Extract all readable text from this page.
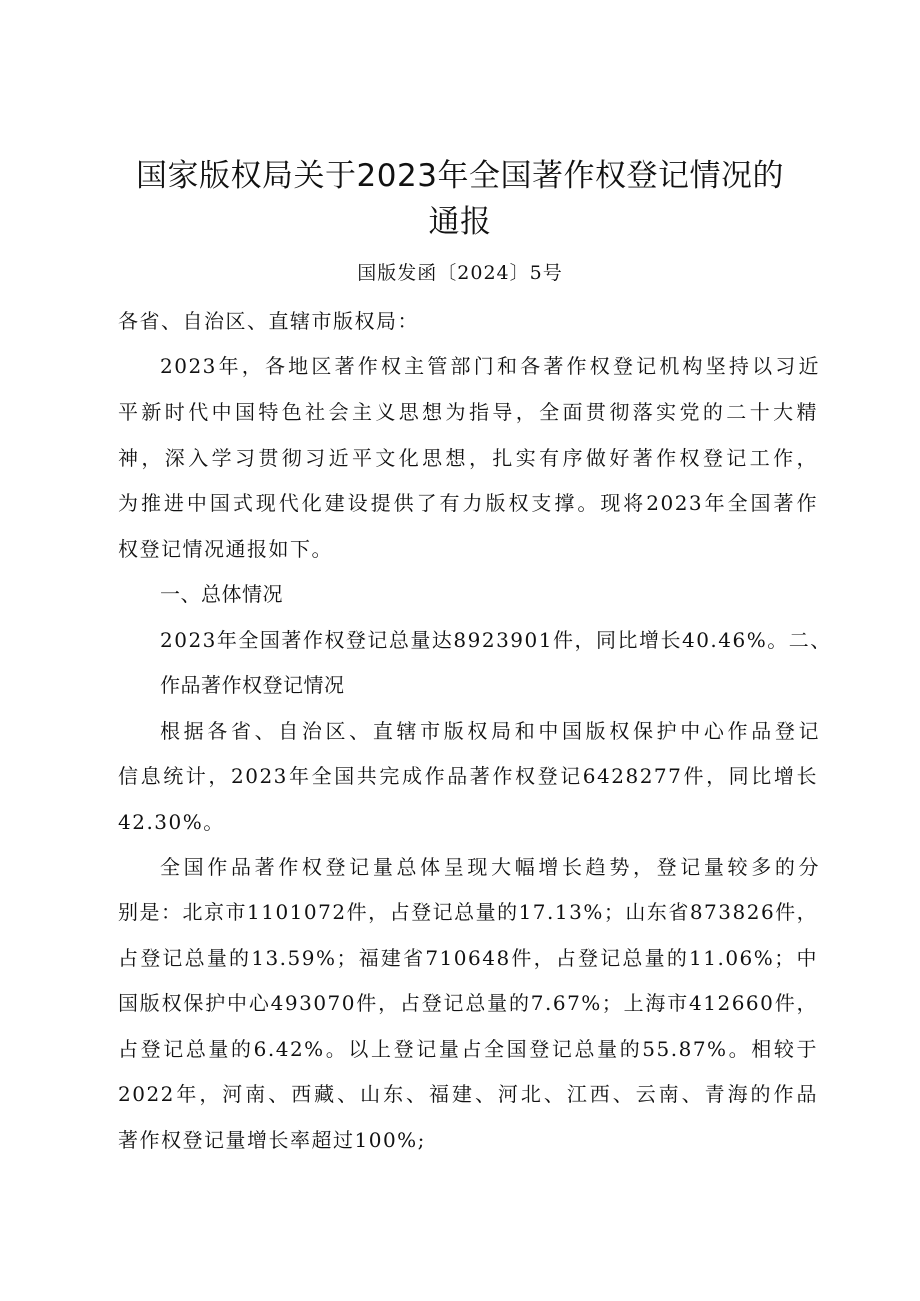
国家版权局关于2023年全国著作权登记情况的
通报
国版发函〔2024〕5号
各省、自治区、直辖市版权局：
2023年，各地区著作权主管部门和各著作权登记机构坚持以习近
平新时代中国特色社会主义思想为指导，全面贯彻落实党的二十大精
神，深入学习贯彻习近平文化思想，扎实有序做好著作权登记工作，
为推进中国式现代化建设提供了有力版权支撑。现将2023年全国著作
权登记情况通报如下。
一、总体情况
2023年全国著作权登记总量达8923901件，同比增长40.46%。二、
作品著作权登记情况
根据各省、自治区、直辖市版权局和中国版权保护中心作品登记
信息统计，2023年全国共完成作品著作权登记6428277件，同比增长
42.30%。
全国作品著作权登记量总体呈现大幅增长趋势，登记量较多的分
别是：北京市1101072件，占登记总量的17.13%；山东省873826件，
占登记总量的13.59%；福建省710648件，占登记总量的11.06%；中
国版权保护中心493070件，占登记总量的7.67%；上海市412660件，
占登记总量的6.42%。以上登记量占全国登记总量的55.87%。相较于
2022年，河南、西藏、山东、福建、河北、江西、云南、青海的作品
著作权登记量增长率超过100%;
